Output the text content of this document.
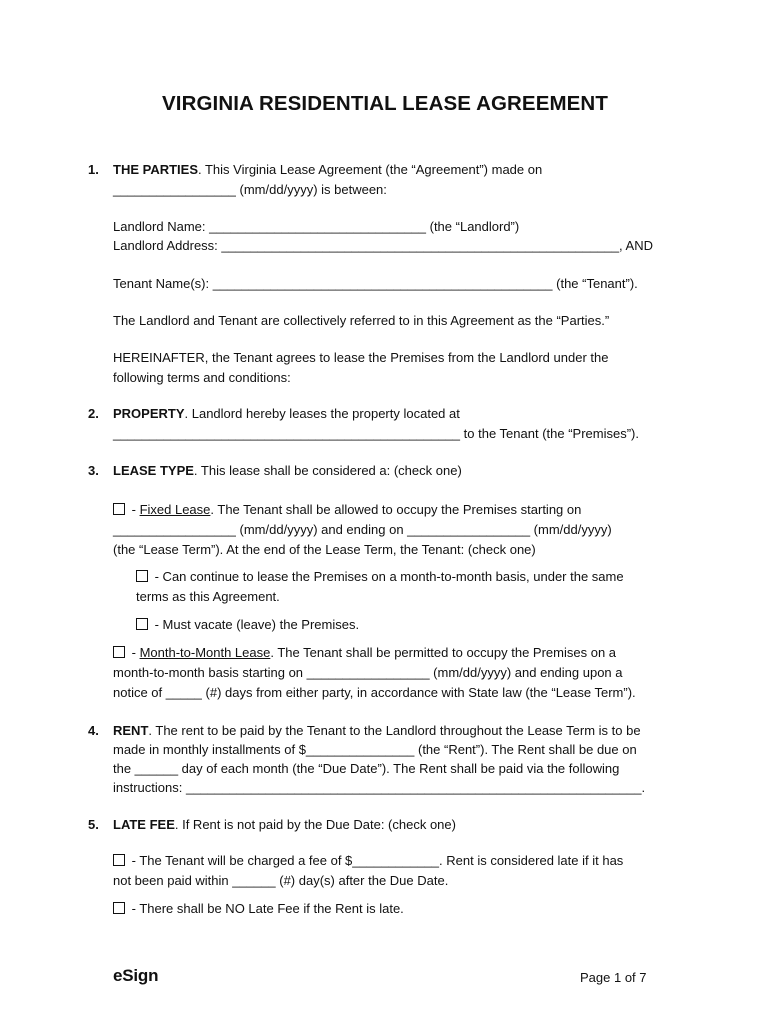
VIRGINIA RESIDENTIAL LEASE AGREEMENT
1. THE PARTIES. This Virginia Lease Agreement (the “Agreement”) made on
_________________ (mm/dd/yyyy) is between:
Landlord Name: ______________________________ (the “Landlord”)
Landlord Address: _______________________________________________________, AND
Tenant Name(s): _______________________________________________ (the “Tenant”).
The Landlord and Tenant are collectively referred to in this Agreement as the “Parties.”
HEREINAFTER, the Tenant agrees to lease the Premises from the Landlord under the
following terms and conditions:
2. PROPERTY. Landlord hereby leases the property located at
________________________________________________ to the Tenant (the “Premises”).
3. LEASE TYPE. This lease shall be considered a: (check one)
- Fixed Lease. The Tenant shall be allowed to occupy the Premises starting on
_________________ (mm/dd/yyyy) and ending on _________________ (mm/dd/yyyy)
(the “Lease Term”). At the end of the Lease Term, the Tenant: (check one)
- Can continue to lease the Premises on a month-to-month basis, under the same
terms as this Agreement.
- Must vacate (leave) the Premises.
- Month-to-Month Lease. The Tenant shall be permitted to occupy the Premises on a
month-to-month basis starting on _________________ (mm/dd/yyyy) and ending upon a
notice of _____ (#) days from either party, in accordance with State law (the “Lease Term”).
4. RENT. The rent to be paid by the Tenant to the Landlord throughout the Lease Term is to be
made in monthly installments of $_______________ (the “Rent”). The Rent shall be due on
the ______ day of each month (the “Due Date”). The Rent shall be paid via the following
instructions: _______________________________________________________________.
5. LATE FEE. If Rent is not paid by the Due Date: (check one)
- The Tenant will be charged a fee of $____________. Rent is considered late if it has
not been paid within ______ (#) day(s) after the Due Date.
- There shall be NO Late Fee if the Rent is late.
eSign	Page 1 of 7
